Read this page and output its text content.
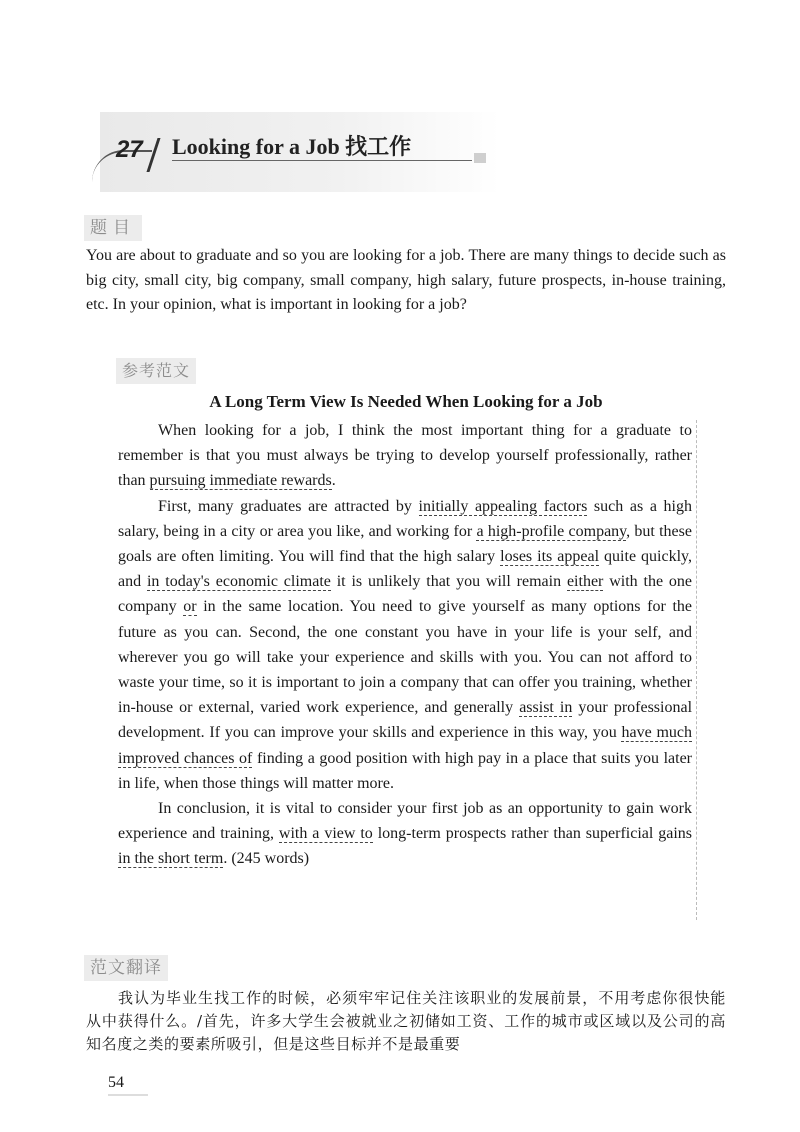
27 Looking for a Job 找工作
题目
You are about to graduate and so you are looking for a job. There are many things to decide such as big city, small city, big company, small company, high salary, future prospects, in-house training, etc. In your opinion, what is important in looking for a job?
参考范文
A Long Term View Is Needed When Looking for a Job

When looking for a job, I think the most important thing for a graduate to remember is that you must always be trying to develop yourself professionally, rather than pursuing immediate rewards.

First, many graduates are attracted by initially appealing factors such as a high salary, being in a city or area you like, and working for a high-profile company, but these goals are often limiting. You will find that the high salary loses its appeal quite quickly, and in today's economic climate it is unlikely that you will remain either with the one company or in the same location. You need to give yourself as many options for the future as you can. Second, the one constant you have in your life is your self, and wherever you go will take your experience and skills with you. You can not afford to waste your time, so it is important to join a company that can offer you training, whether in-house or external, varied work experience, and generally assist in your professional development. If you can improve your skills and experience in this way, you have much improved chances of finding a good position with high pay in a place that suits you later in life, when those things will matter more.

In conclusion, it is vital to consider your first job as an opportunity to gain work experience and training, with a view to long-term prospects rather than superficial gains in the short term. (245 words)

范文翻译
我认为毕业生找工作的时候，必须牢牢记住关注该职业的发展前景，不用考虑你很快能从中获得什么。/首先，许多大学生会被就业之初储如工资、工作的城市或区域以及公司的高知名度之类的要素所吸引，但是这些目标并不是最重要
54
